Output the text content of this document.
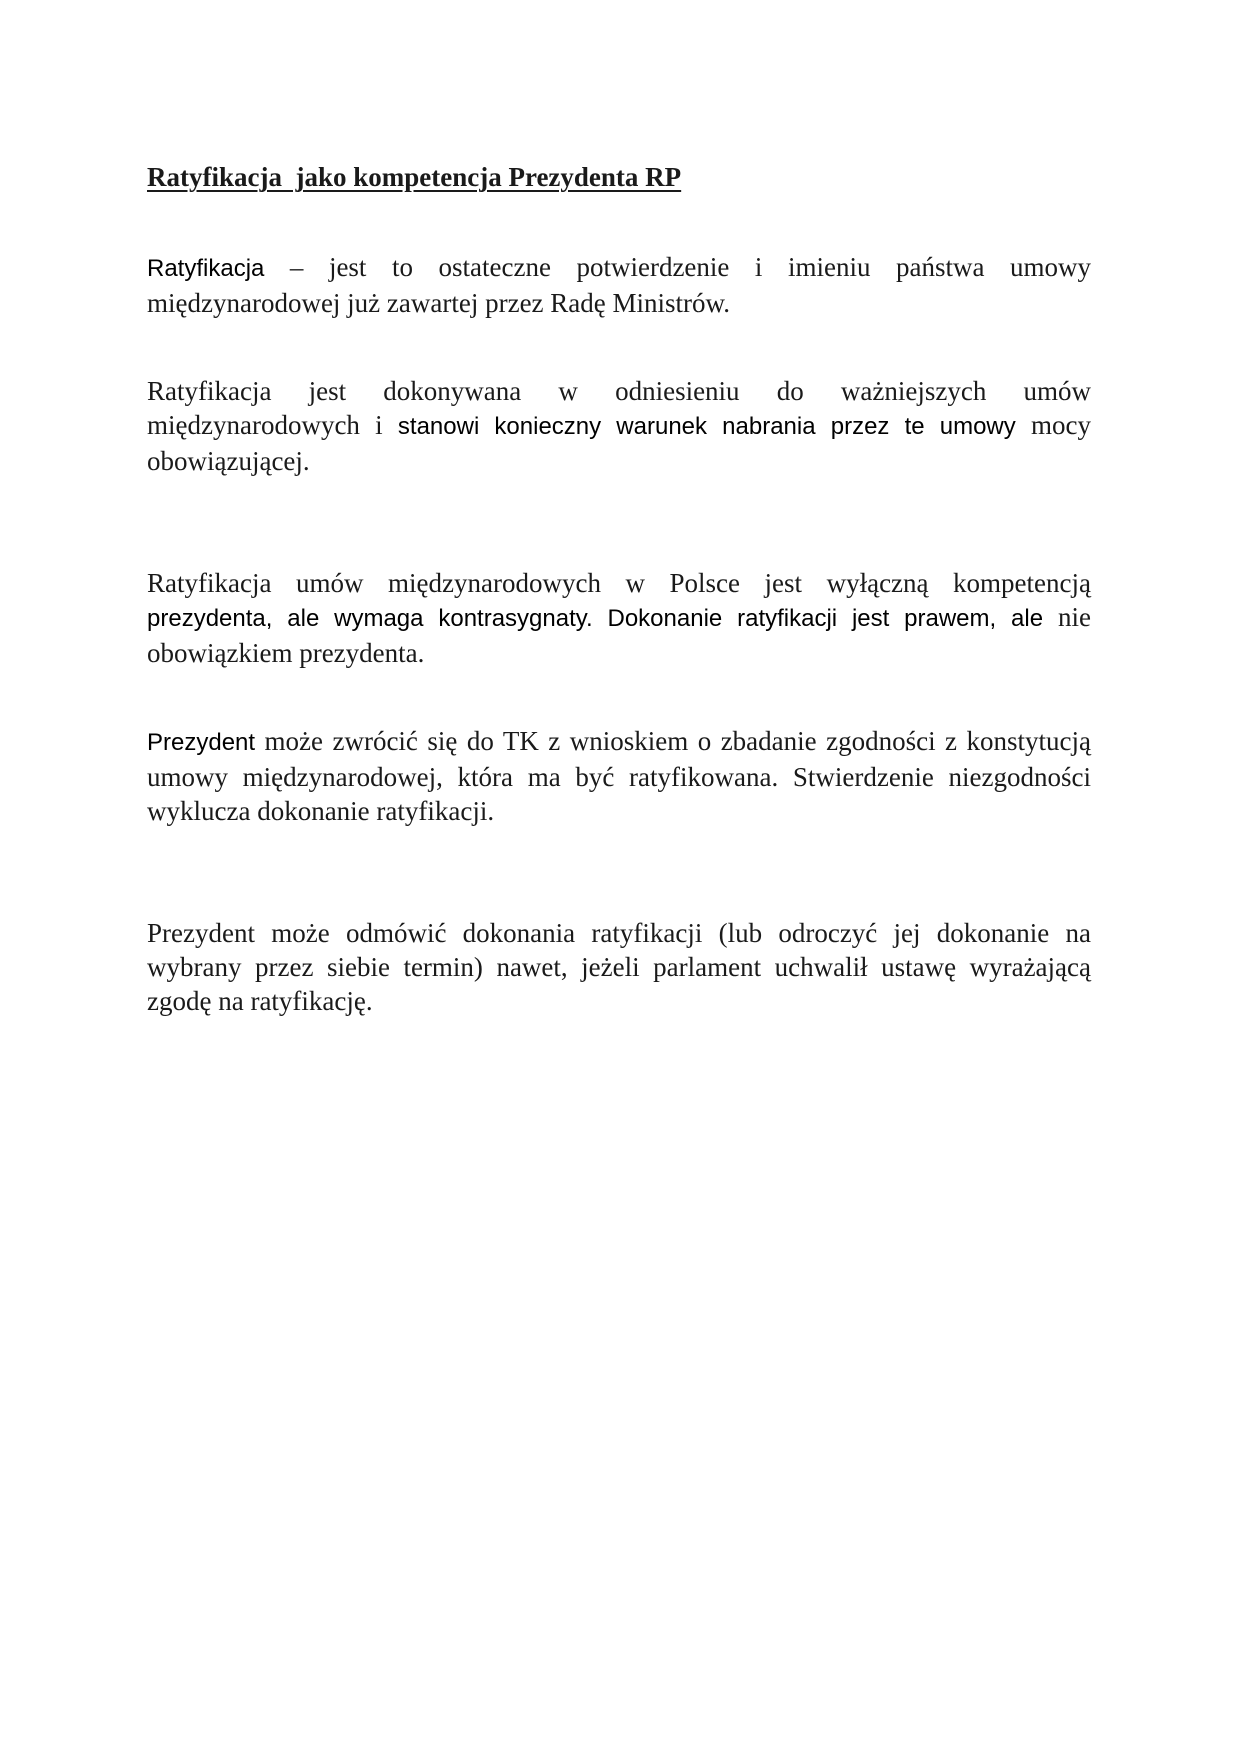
Ratyfikacja  jako kompetencja Prezydenta RP

Ratyfikacja – jest to ostateczne potwierdzenie i imieniu państwa umowy międzynarodowej już zawartej przez Radę Ministrów.

Ratyfikacja jest dokonywana w odniesieniu do ważniejszych umów międzynarodowych i stanowi konieczny warunek nabrania przez te umowy mocy obowiązującej.

Ratyfikacja umów międzynarodowych w Polsce jest wyłączną kompetencją prezydenta, ale wymaga kontrasygnaty. Dokonanie ratyfikacji jest prawem, ale nie obowiązkiem prezydenta.

Prezydent może zwrócić się do TK z wnioskiem o zbadanie zgodności z konstytucją umowy międzynarodowej, która ma być ratyfikowana. Stwierdzenie niezgodności wyklucza dokonanie ratyfikacji.

Prezydent może odmówić dokonania ratyfikacji (lub odroczyć jej dokonanie na wybrany przez siebie termin) nawet, jeżeli parlament uchwalił ustawę wyrażającą zgodę na ratyfikację.
